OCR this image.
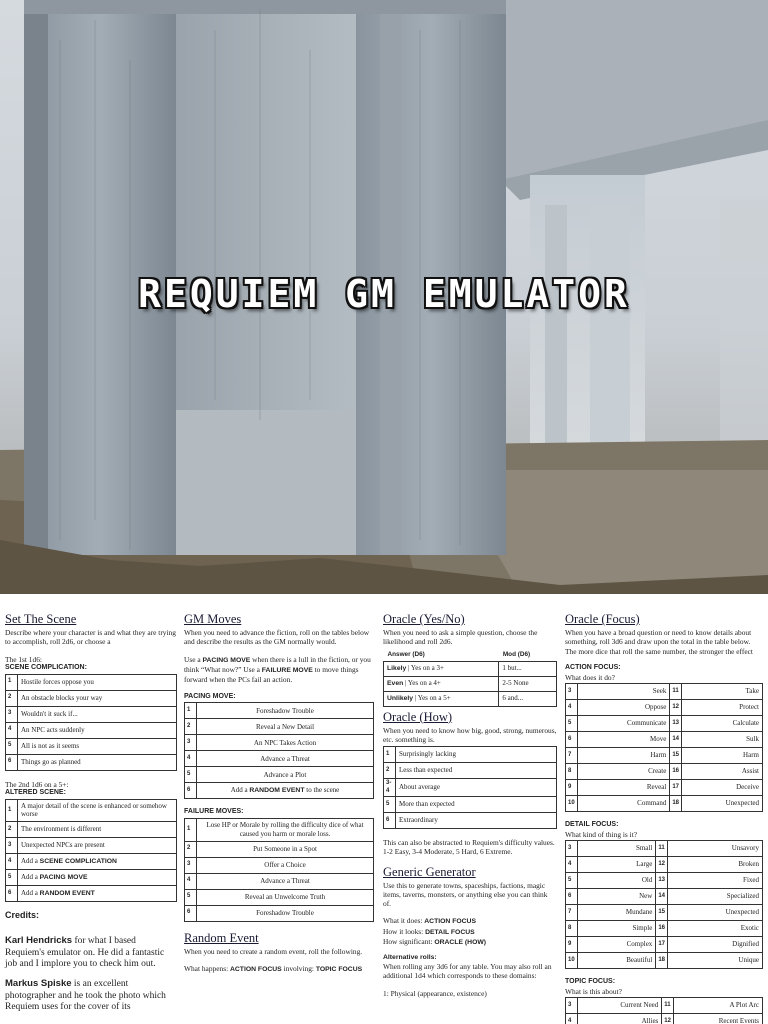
REQUIEM GM EMULATOR
Set The Scene
Describe where your character is and what they are trying to accomplish, roll 2d6, or choose a
The 1st 1d6:
SCENE COMPLICATION:
1	Hostile forces oppose you
2	An obstacle blocks your way
3	Wouldn't it suck if...
4	An NPC acts suddenly
5	All is not as it seems
6	Things go as planned
The 2nd 1d6 on a 5+:
ALTERED SCENE:
1	A major detail of the scene is enhanced or somehow worse
2	The environment is different
3	Unexpected NPCs are present
4	Add a SCENE COMPLICATION
5	Add a PACING MOVE
6	Add a RANDOM EVENT
Credits:
Karl Hendricks for what I based Requiem's emulator on. He did a fantastic job and I implore you to check him out.
Markus Spiske is an excellent photographer and he took the photo which Requiem uses for the cover of its
GM Moves
When you need to advance the fiction, roll on the tables below and describe the results as the GM normally would.
Use a PACING MOVE when there is a lull in the fiction, or you think “What now?” Use a FAILURE MOVE to move things forward when the PCs fail an action.
PACING MOVE:
1	Foreshadow Trouble
2	Reveal a New Detail
3	An NPC Takes Action
4	Advance a Threat
5	Advance a Plot
6	Add a RANDOM EVENT to the scene
FAILURE MOVES:
1	Lose HP or Morale by rolling the difficulty dice of what caused you harm or morale loss.
2	Put Someone in a Spot
3	Offer a Choice
4	Advance a Threat
5	Reveal an Unwelcome Truth
6	Foreshadow Trouble
Random Event
When you need to create a random event, roll the following.
What happens: ACTION FOCUS involving: TOPIC FOCUS
Oracle (Yes/No)
When you need to ask a simple question, choose the likelihood and roll 2d6.
Answer (D6)	Mod (D6)
Likely | Yes on a 3+	1 but...
Even | Yes on a 4+	2-5 None
Unlikely | Yes on a 5+	6 and...
Oracle (How)
When you need to know how big, good, strong, numerous, etc. something is.
1	Surprisingly lacking
2	Less than expected
3-4	About average
5	More than expected
6	Extraordinary
This can also be abstracted to Requiem's difficulty values. 1-2 Easy, 3-4 Moderate, 5 Hard, 6 Extreme.
Generic Generator
Use this to generate towns, spaceships, factions, magic items, taverns, monsters, or anything else you can think of.
What it does: ACTION FOCUS
How it looks: DETAIL FOCUS
How significant: ORACLE (HOW)
Alternative rolls:
When rolling any 3d6 for any table. You may also roll an additional 1d4 which corresponds to these domains:
1: Physical (appearance, existence)
Oracle (Focus)
When you have a broad question or need to know details about something, roll 3d6 and draw upon the total in the table below. The more dice that roll the same number, the stronger the effect
ACTION FOCUS:
What does it do?
3	Seek	11	Take
4	Oppose	12	Protect
5	Communicate	13	Calculate
6	Move	14	Sulk
7	Harm	15	Harm
8	Create	16	Assist
9	Reveal	17	Deceive
10	Command	18	Unexpected
DETAIL FOCUS:
What kind of thing is it?
3	Small	11	Unsavory
4	Large	12	Broken
5	Old	13	Fixed
6	New	14	Specialized
7	Mundane	15	Unexpected
8	Simple	16	Exotic
9	Complex	17	Dignified
10	Beautiful	18	Unique
TOPIC FOCUS:
What is this about?
3	Current Need	11	A Plot Arc
4	Allies	12	Recent Events
